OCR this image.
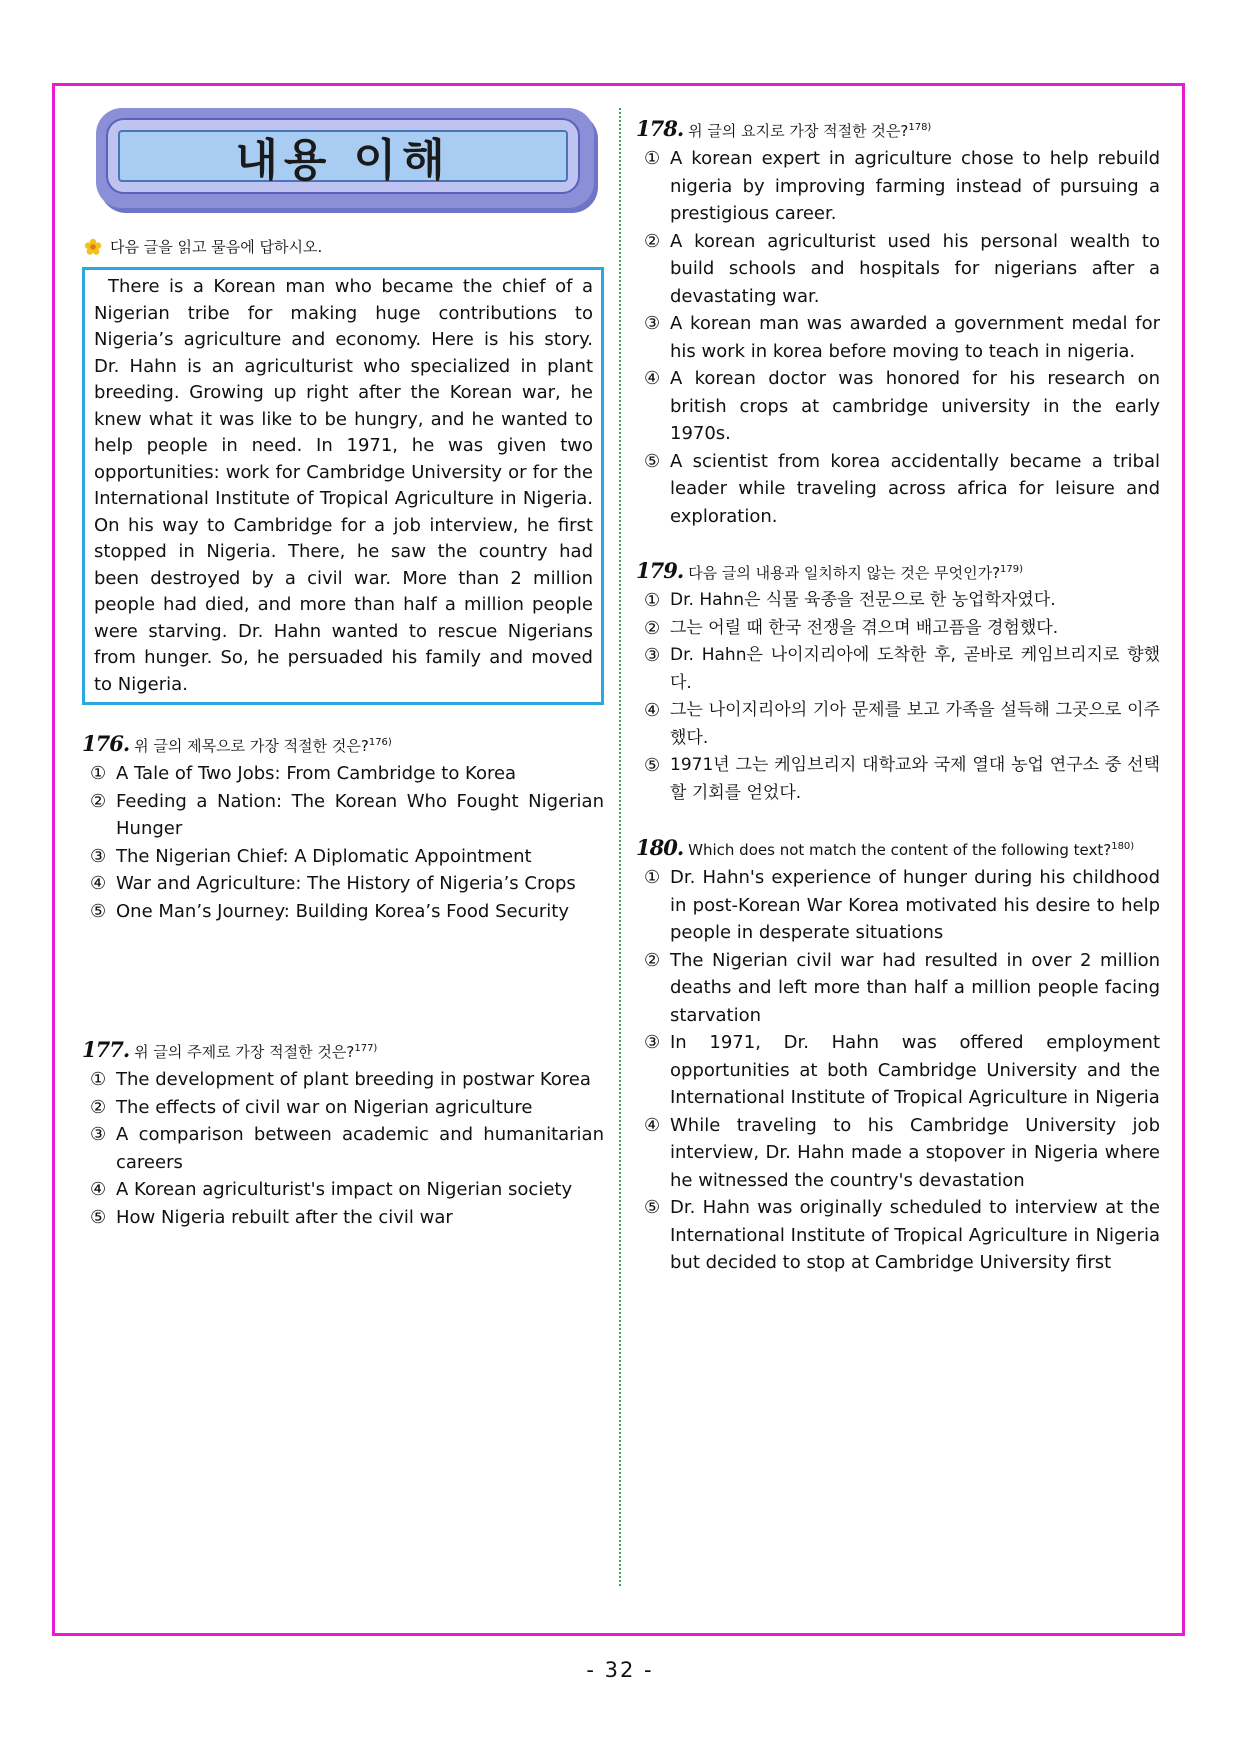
내용 이해
다음 글을 읽고 물음에 답하시오.

There is a Korean man who became the chief of a Nigerian tribe for making huge contributions to Nigeria’s agriculture and economy. Here is his story. Dr. Hahn is an agriculturist who specialized in plant breeding. Growing up right after the Korean war, he knew what it was like to be hungry, and he wanted to help people in need. In 1971, he was given two opportunities: work for Cambridge University or for the International Institute of Tropical Agriculture in Nigeria. On his way to Cambridge for a job interview, he first stopped in Nigeria. There, he saw the country had been destroyed by a civil war. More than 2 million people had died, and more than half a million people were starving. Dr. Hahn wanted to rescue Nigerians from hunger. So, he persuaded his family and moved to Nigeria.

176. 위 글의 제목으로 가장 적절한 것은?$^{176)}$
① A Tale of Two Jobs: From Cambridge to Korea
② Feeding a Nation: The Korean Who Fought Nigerian Hunger
③ The Nigerian Chief: A Diplomatic Appointment
④ War and Agriculture: The History of Nigeria’s Crops
⑤ One Man’s Journey: Building Korea’s Food Security
177. 위 글의 주제로 가장 적절한 것은?$^{177)}$
① The development of plant breeding in postwar Korea
② The effects of civil war on Nigerian agriculture
③ A comparison between academic and humanitarian careers
④ A Korean agriculturist's impact on Nigerian society
⑤ How Nigeria rebuilt after the civil war
178. 위 글의 요지로 가장 적절한 것은?$^{178)}$
① A korean expert in agriculture chose to help rebuild nigeria by improving farming instead of pursuing a prestigious career.
② A korean agriculturist used his personal wealth to build schools and hospitals for nigerians after a devastating war.
③ A korean man was awarded a government medal for his work in korea before moving to teach in nigeria.
④ A korean doctor was honored for his research on british crops at cambridge university in the early 1970s.
⑤ A scientist from korea accidentally became a tribal leader while traveling across africa for leisure and exploration.
179. 다음 글의 내용과 일치하지 않는 것은 무엇인가?$^{179)}$
① Dr. Hahn은 식물 육종을 전문으로 한 농업학자였다.
② 그는 어릴 때 한국 전쟁을 겪으며 배고픔을 경험했다.
③ Dr. Hahn은 나이지리아에 도착한 후, 곧바로 케임브리지로 향했다.
④ 그는 나이지리아의 기아 문제를 보고 가족을 설득해 그곳으로 이주했다.
⑤ 1971년 그는 케임브리지 대학교와 국제 열대 농업 연구소 중 선택할 기회를 얻었다.
180. Which does not match the content of the following text?$^{180)}$
① Dr. Hahn's experience of hunger during his childhood in post-Korean War Korea motivated his desire to help people in desperate situations
② The Nigerian civil war had resulted in over 2 million deaths and left more than half a million people facing starvation
③ In 1971, Dr. Hahn was offered employment opportunities at both Cambridge University and the International Institute of Tropical Agriculture in Nigeria
④ While traveling to his Cambridge University job interview, Dr. Hahn made a stopover in Nigeria where he witnessed the country's devastation
⑤ Dr. Hahn was originally scheduled to interview at the International Institute of Tropical Agriculture in Nigeria but decided to stop at Cambridge University first
- 32 -
